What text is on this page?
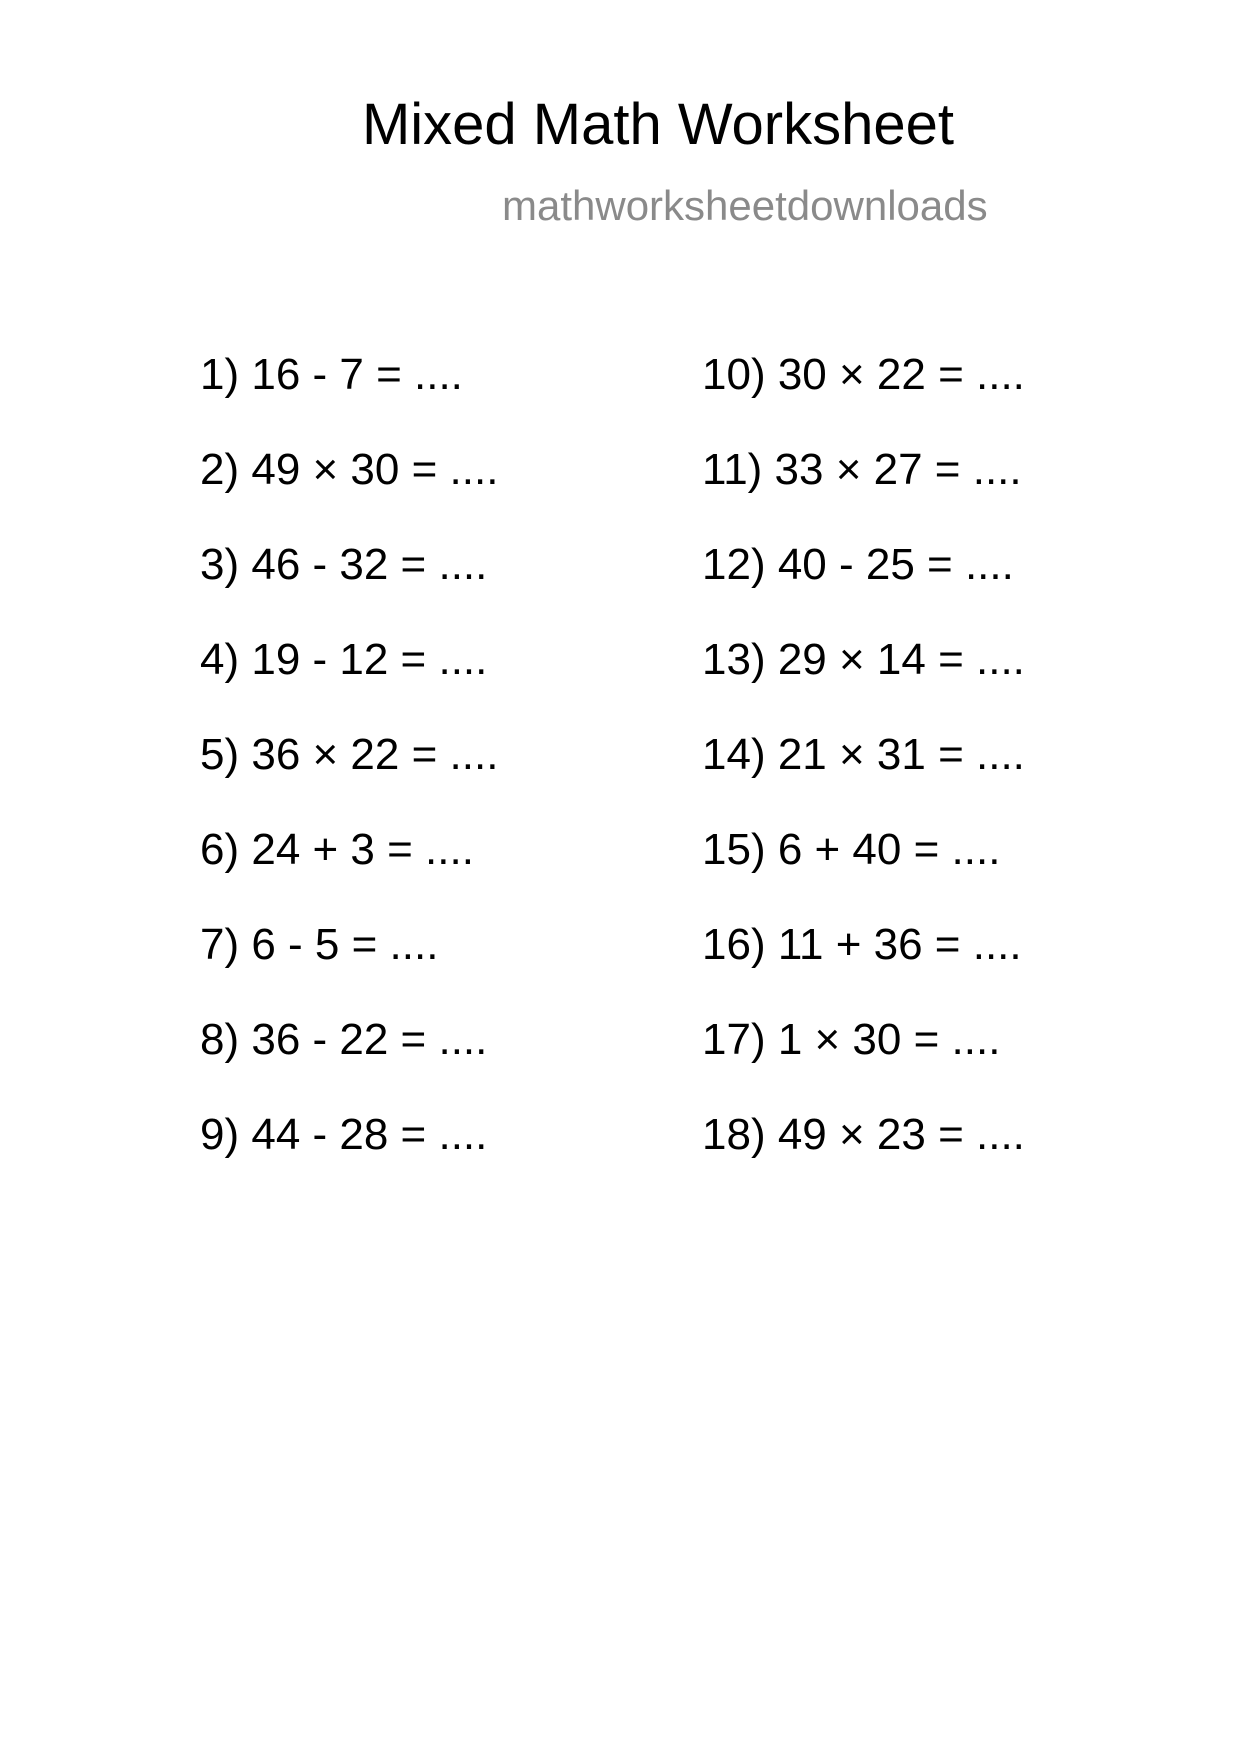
Mixed Math Worksheet
mathworksheetdownloads
1) 16 - 7 = ....
2) 49 × 30 = ....
3) 46 - 32 = ....
4) 19 - 12 = ....
5) 36 × 22 = ....
6) 24 + 3 = ....
7) 6 - 5 = ....
8) 36 - 22 = ....
9) 44 - 28 = ....
10) 30 × 22 = ....
11) 33 × 27 = ....
12) 40 - 25 = ....
13) 29 × 14 = ....
14) 21 × 31 = ....
15) 6 + 40 = ....
16) 11 + 36 = ....
17) 1 × 30 = ....
18) 49 × 23 = ....
